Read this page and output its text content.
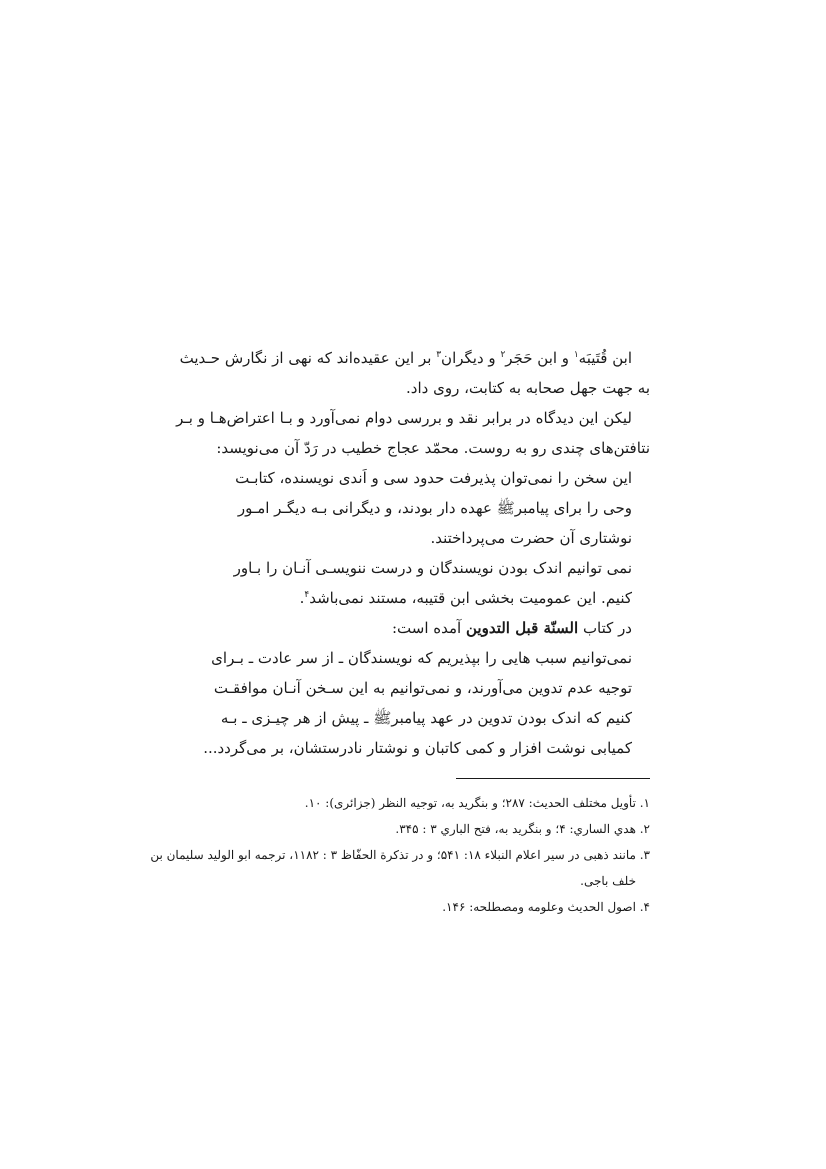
ابن قُتَيبَه$^۱$ و ابن حَجَر$^۲$ و دیگران$^۳$ بر این عقیده‌اند که نهی از نگارش حـدیث
به جهت جهل صحابه به کتابت، روی داد.
لیکن این دیدگاه در برابر نقد و بررسی دوام نمی‌آورد و بـا اعتراض‌هـا و بـر
نتافتن‌های چندی رو به روست. محمّد عجاج خطیب در رَدّ آن می‌نویسد:
این سخن را نمی‌توان پذیرفت حدود سی و اَندی نویسنده، کتابـت
وحی را برای پیامبرﷺ عهده دار بودند، و دیگرانی بـه دیگـر امـور
نوشتاری آن حضرت می‌پرداختند.
نمی توانیم اندک بودن نویسندگان و درست ننویسـی آنـان را بـاور
کنیم. این عمومیت بخشی ابن قتیبه، مستند نمی‌باشد$^۴$.
در کتاب السنّة قبل التدوين آمده است:
نمی‌توانیم سبب هایی را بپذیریم که نویسندگان ـ از سر عادت ـ بـرای
توجیه عدم تدوین می‌آورند، و نمی‌توانیم به این سـخن آنـان موافقـت
کنیم که اندک بودن تدوین در عهد پیامبرﷺ ـ پیش از هر چیـزی ـ بـه
کمیابی نوشت افزار و کمی کاتبان و نوشتار نادرستشان، بر می‌گردد...
۱. تأويل مختلف الحديث: ۲۸۷؛ و بنگرید به، توجیه النظر (جزائری): ۱۰.
۲. هدي الساري: ۴؛ و بنگرید به، فتح الباري ۳ : ۳۴۵.
۳. مانند ذهبی در سیر اعلام النبلاء ۱۸: ۵۴۱؛ و در تذكرة الحفّاظ ۳ : ۱۱۸۲، ترجمه ابو الوليد سليمان بن
خلف باجی.
۴. اصول الحديث وعلومه ومصطلحه: ۱۴۶.
